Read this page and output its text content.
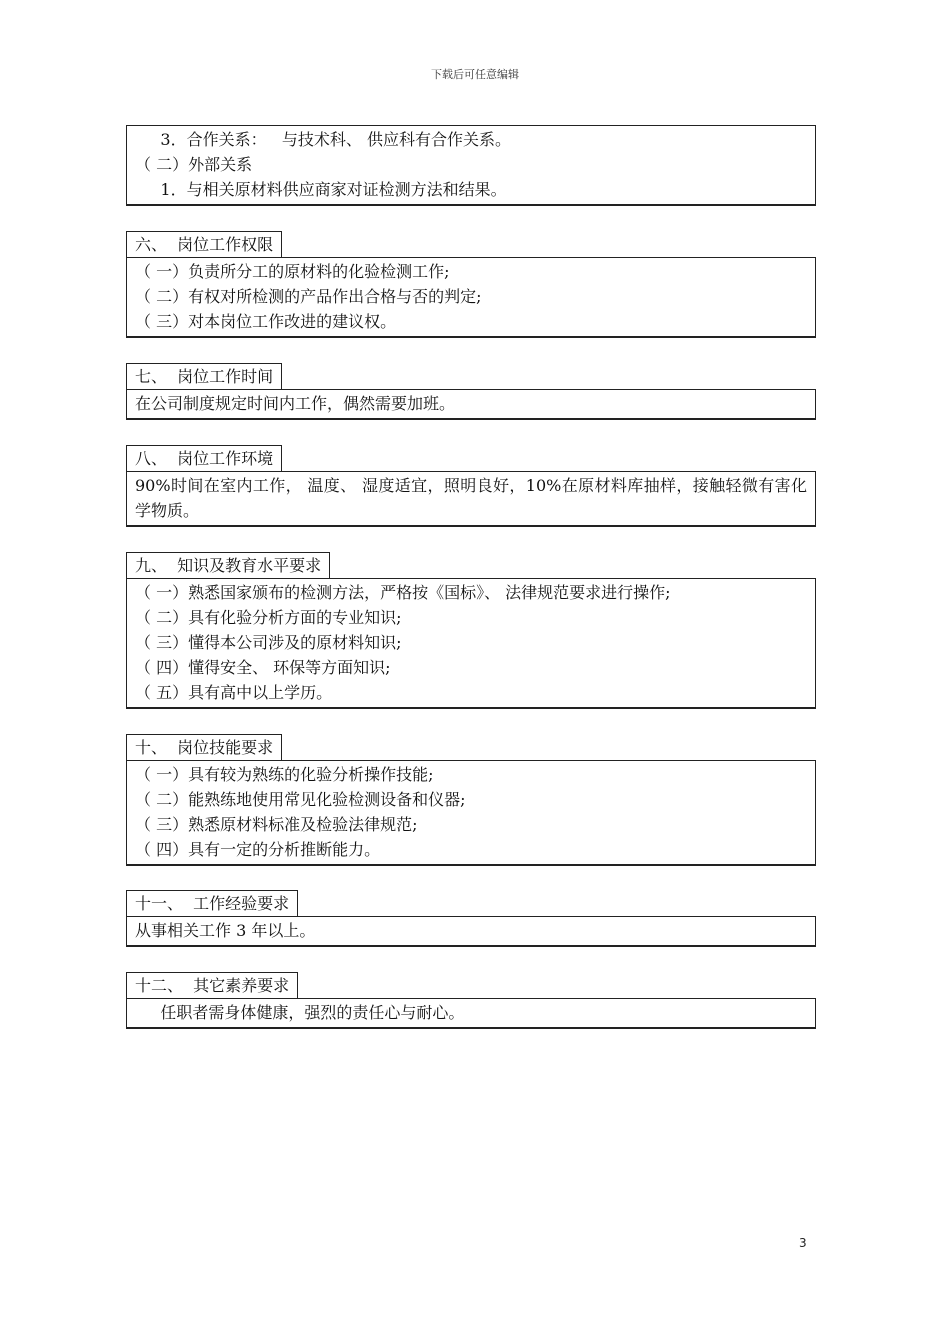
下载后可任意编辑
3．合作关系：   与技术科、 供应科有合作关系。
（ 二）外部关系
1．与相关原材料供应商家对证检测方法和结果。
六、  岗位工作权限
（ 一）负责所分工的原材料的化验检测工作;
（ 二）有权对所检测的产品作出合格与否的判定;
（ 三）对本岗位工作改进的建议权。
七、  岗位工作时间
在公司制度规定时间内工作，偶然需要加班。
八、  岗位工作环境
90%时间在室内工作， 温度、 湿度适宜，照明良好，10%在原材料库抽样，接触轻微有害化学物质。
九、  知识及教育水平要求
（ 一）熟悉国家颁布的检测方法，严格按《国标》、 法律规范要求进行操作;
（ 二）具有化验分析方面的专业知识;
（ 三）懂得本公司涉及的原材料知识;
（ 四）懂得安全、 环保等方面知识;
（ 五）具有高中以上学历。
十、  岗位技能要求
（ 一）具有较为熟练的化验分析操作技能;
（ 二）能熟练地使用常见化验检测设备和仪器;
（ 三）熟悉原材料标准及检验法律规范;
（ 四）具有一定的分析推断能力。
十一、  工作经验要求
从事相关工作 3 年以上。
十二、  其它素养要求
任职者需身体健康，强烈的责任心与耐心。
3
